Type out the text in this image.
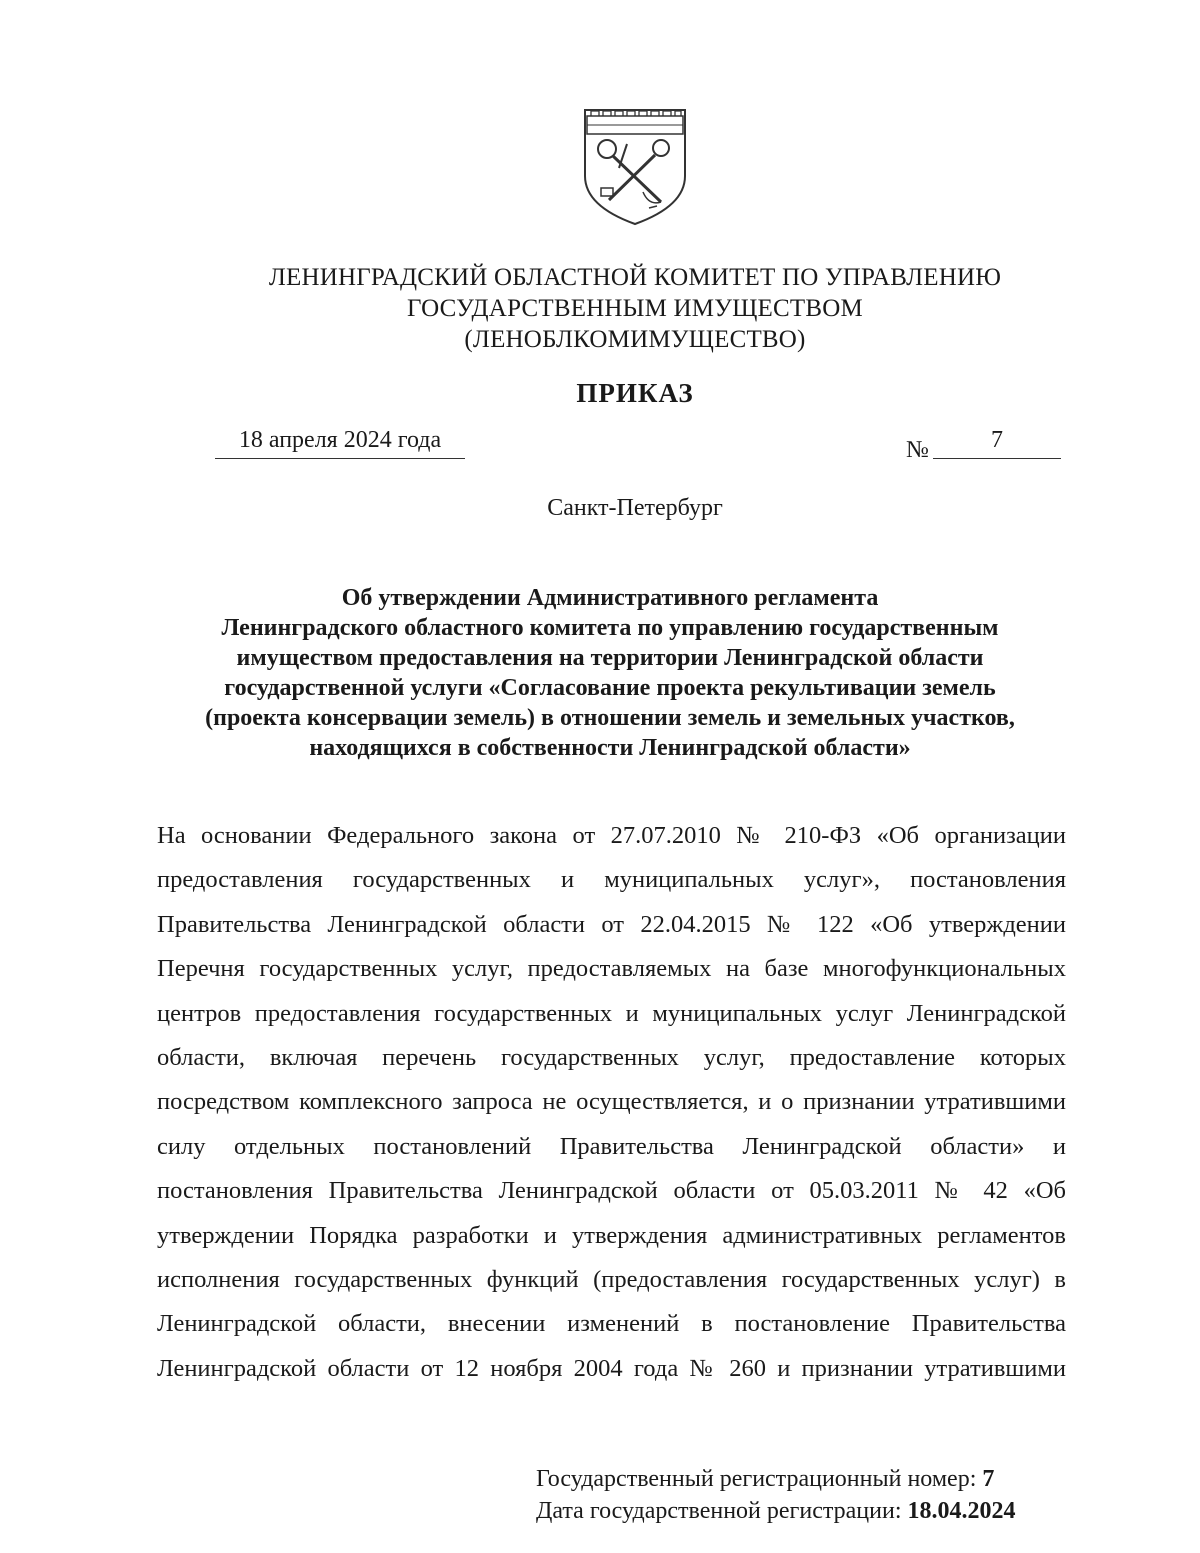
ЛЕНИНГРАДСКИЙ ОБЛАСТНОЙ КОМИТЕТ ПО УПРАВЛЕНИЮ
ГОСУДАРСТВЕННЫМ ИМУЩЕСТВОМ
(ЛЕНОБЛКОМИМУЩЕСТВО)
ПРИКАЗ
18 апреля 2024 года	№	7
Санкт-Петербург
Об утверждении Административного регламента
Ленинградского областного комитета по управлению государственным
имуществом предоставления на территории Ленинградской области
государственной услуги «Согласование проекта рекультивации земель
(проекта консервации земель) в отношении земель и земельных участков,
находящихся в собственности Ленинградской области»
На основании Федерального закона от 27.07.2010 № 210-ФЗ «Об организации предоставления государственных и муниципальных услуг», постановления Правительства Ленинградской области от 22.04.2015 № 122 «Об утверждении Перечня государственных услуг, предоставляемых на базе многофункциональных центров предоставления государственных и муниципальных услуг Ленинградской области, включая перечень государственных услуг, предоставление которых посредством комплексного запроса не осуществляется, и о признании утратившими силу отдельных постановлений Правительства Ленинградской области» и постановления Правительства Ленинградской области от 05.03.2011 № 42 «Об утверждении Порядка разработки и утверждения административных регламентов исполнения государственных функций (предоставления государственных услуг) в Ленинградской области, внесении изменений в постановление Правительства Ленинградской области от 12 ноября 2004 года № 260 и признании утратившими
Государственный регистрационный номер: 7
Дата государственной регистрации: 18.04.2024
